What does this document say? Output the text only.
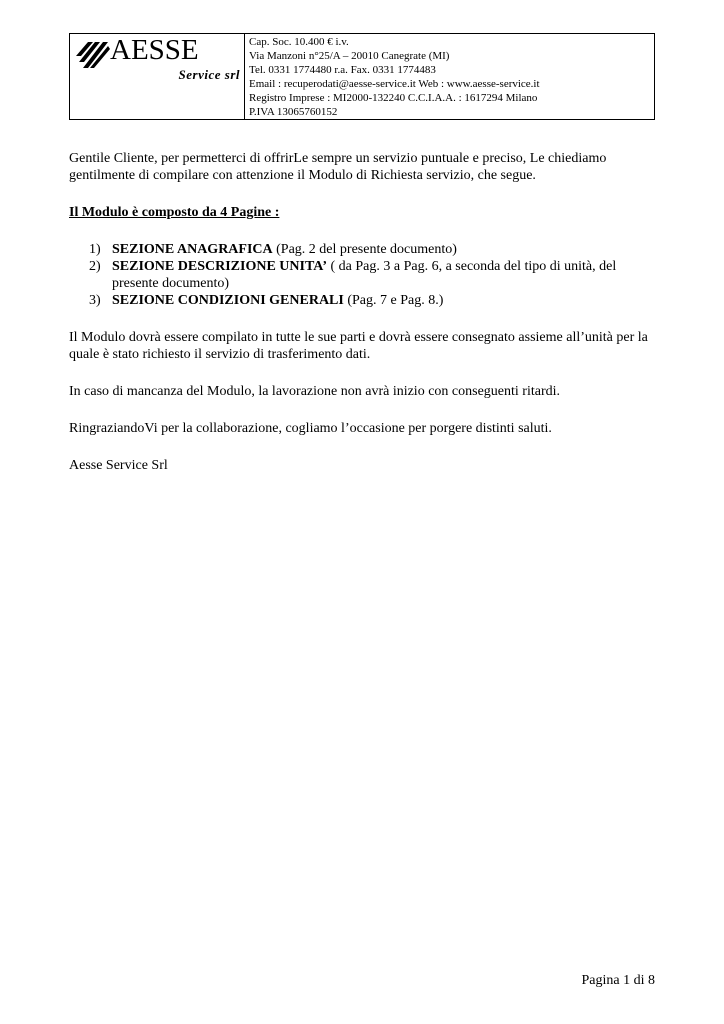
AESSE
Service srl
Cap. Soc. 10.400 € i.v.
Via Manzoni n°25/A – 20010 Canegrate (MI)
Tel. 0331 1774480 r.a. Fax. 0331 1774483
Email : recuperodati@aesse-service.it Web : www.aesse-service.it
Registro Imprese : MI2000-132240 C.C.I.A.A. : 1617294 Milano
P.IVA 13065760152

Gentile Cliente, per permetterci di offrirLe sempre un servizio puntuale e preciso, Le chiediamo gentilmente di compilare con attenzione il Modulo di Richiesta servizio, che segue.

Il Modulo è composto da 4 Pagine :

1) SEZIONE ANAGRAFICA (Pag. 2 del presente documento)
2) SEZIONE DESCRIZIONE UNITA’ ( da Pag. 3 a Pag. 6, a seconda del tipo di unità, del presente documento)
3) SEZIONE CONDIZIONI GENERALI (Pag. 7 e Pag. 8.)

Il Modulo dovrà essere compilato in tutte le sue parti e dovrà essere consegnato assieme all’unità per la quale è stato richiesto il servizio di trasferimento dati.

In caso di mancanza del Modulo, la lavorazione non avrà inizio con conseguenti ritardi.

RingraziandoVi per la collaborazione, cogliamo l’occasione per porgere distinti saluti.

Aesse Service Srl

Pagina 1 di 8
